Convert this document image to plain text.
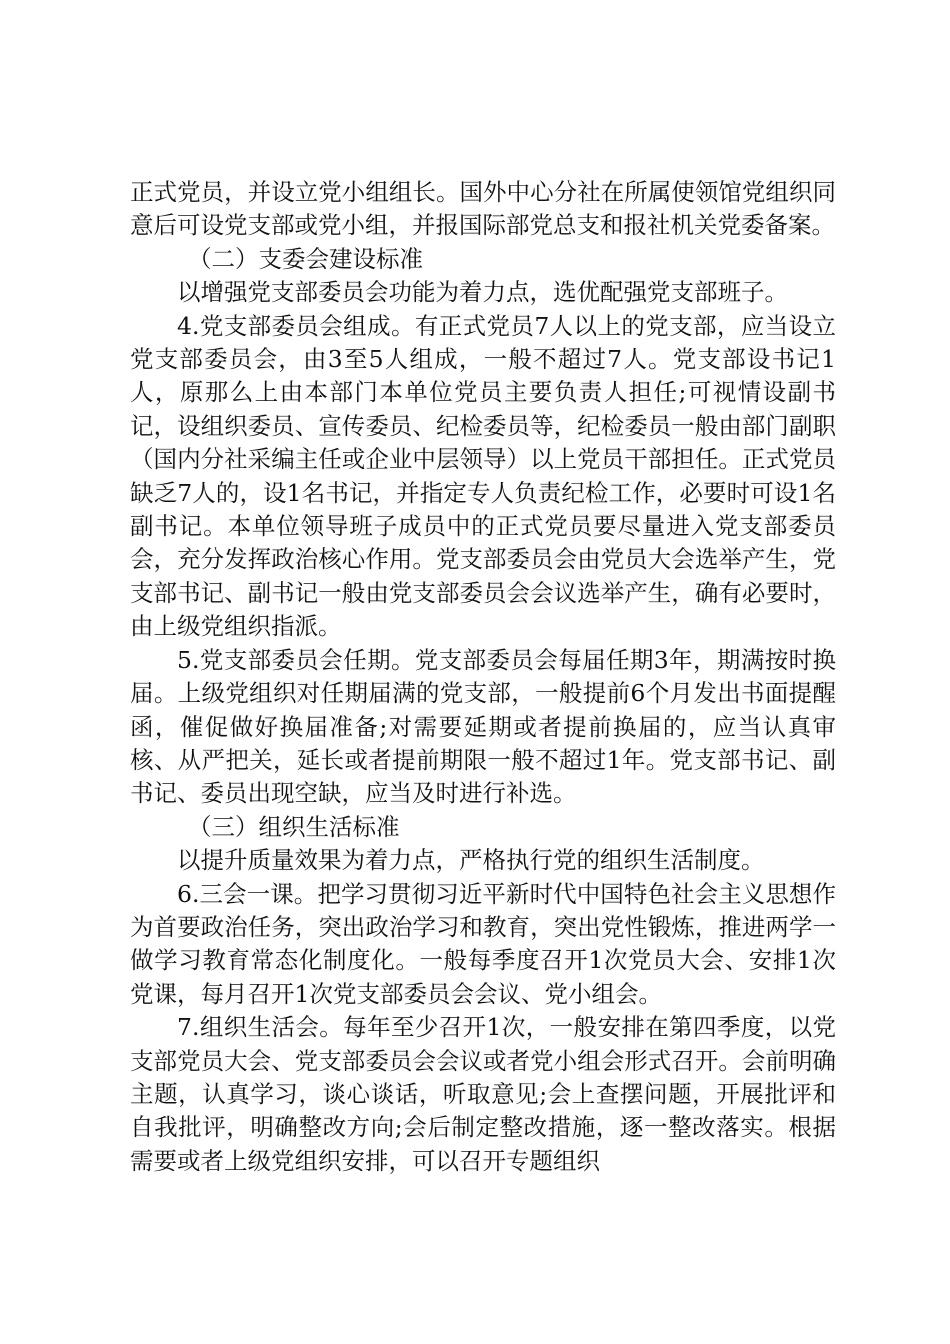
正式党员，并设立党小组组长。国外中心分社在所属使领馆党组织同意后可设党支部或党小组，并报国际部党总支和报社机关党委备案。

（二）支委会建设标准

以增强党支部委员会功能为着力点，选优配强党支部班子。

4.党支部委员会组成。有正式党员7人以上的党支部，应当设立党支部委员会，由3至5人组成，一般不超过7人。党支部设书记1人，原那么上由本部门本单位党员主要负责人担任;可视情设副书记，设组织委员、宣传委员、纪检委员等，纪检委员一般由部门副职（国内分社采编主任或企业中层领导）以上党员干部担任。正式党员缺乏7人的，设1名书记，并指定专人负责纪检工作，必要时可设1名副书记。本单位领导班子成员中的正式党员要尽量进入党支部委员会，充分发挥政治核心作用。党支部委员会由党员大会选举产生，党支部书记、副书记一般由党支部委员会会议选举产生，确有必要时，由上级党组织指派。

5.党支部委员会任期。党支部委员会每届任期3年，期满按时换届。上级党组织对任期届满的党支部，一般提前6个月发出书面提醒函，催促做好换届准备;对需要延期或者提前换届的，应当认真审核、从严把关，延长或者提前期限一般不超过1年。党支部书记、副书记、委员出现空缺，应当及时进行补选。

（三）组织生活标准

以提升质量效果为着力点，严格执行党的组织生活制度。

6.三会一课。把学习贯彻习近平新时代中国特色社会主义思想作为首要政治任务，突出政治学习和教育，突出党性锻炼，推进两学一做学习教育常态化制度化。一般每季度召开1次党员大会、安排1次党课，每月召开1次党支部委员会会议、党小组会。

7.组织生活会。每年至少召开1次，一般安排在第四季度，以党支部党员大会、党支部委员会会议或者党小组会形式召开。会前明确主题，认真学习，谈心谈话，听取意见;会上查摆问题，开展批评和自我批评，明确整改方向;会后制定整改措施，逐一整改落实。根据需要或者上级党组织安排，可以召开专题组织
